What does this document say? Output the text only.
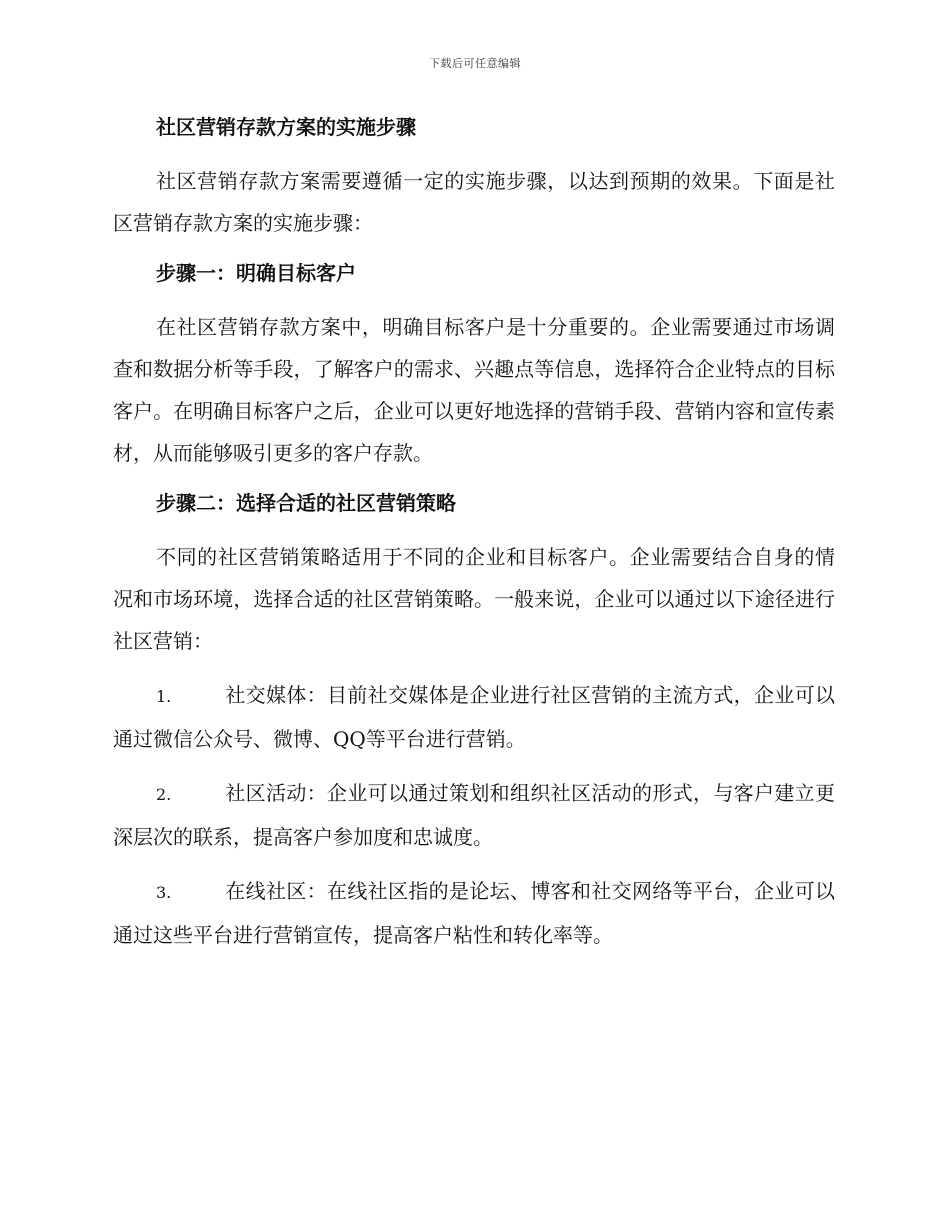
下载后可任意编辑
社区营销存款方案的实施步骤

社区营销存款方案需要遵循一定的实施步骤，以达到预期的效果。下面是社区营销存款方案的实施步骤：

步骤一：明确目标客户

在社区营销存款方案中，明确目标客户是十分重要的。企业需要通过市场调查和数据分析等手段，了解客户的需求、兴趣点等信息，选择符合企业特点的目标客户。在明确目标客户之后，企业可以更好地选择的营销手段、营销内容和宣传素材，从而能够吸引更多的客户存款。

步骤二：选择合适的社区营销策略

不同的社区营销策略适用于不同的企业和目标客户。企业需要结合自身的情况和市场环境，选择合适的社区营销策略。一般来说，企业可以通过以下途径进行社区营销：

1.	社交媒体：目前社交媒体是企业进行社区营销的主流方式，企业可以通过微信公众号、微博、QQ等平台进行营销。
2.	社区活动：企业可以通过策划和组织社区活动的形式，与客户建立更深层次的联系，提高客户参加度和忠诚度。
3.	在线社区：在线社区指的是论坛、博客和社交网络等平台，企业可以通过这些平台进行营销宣传，提高客户粘性和转化率等。
